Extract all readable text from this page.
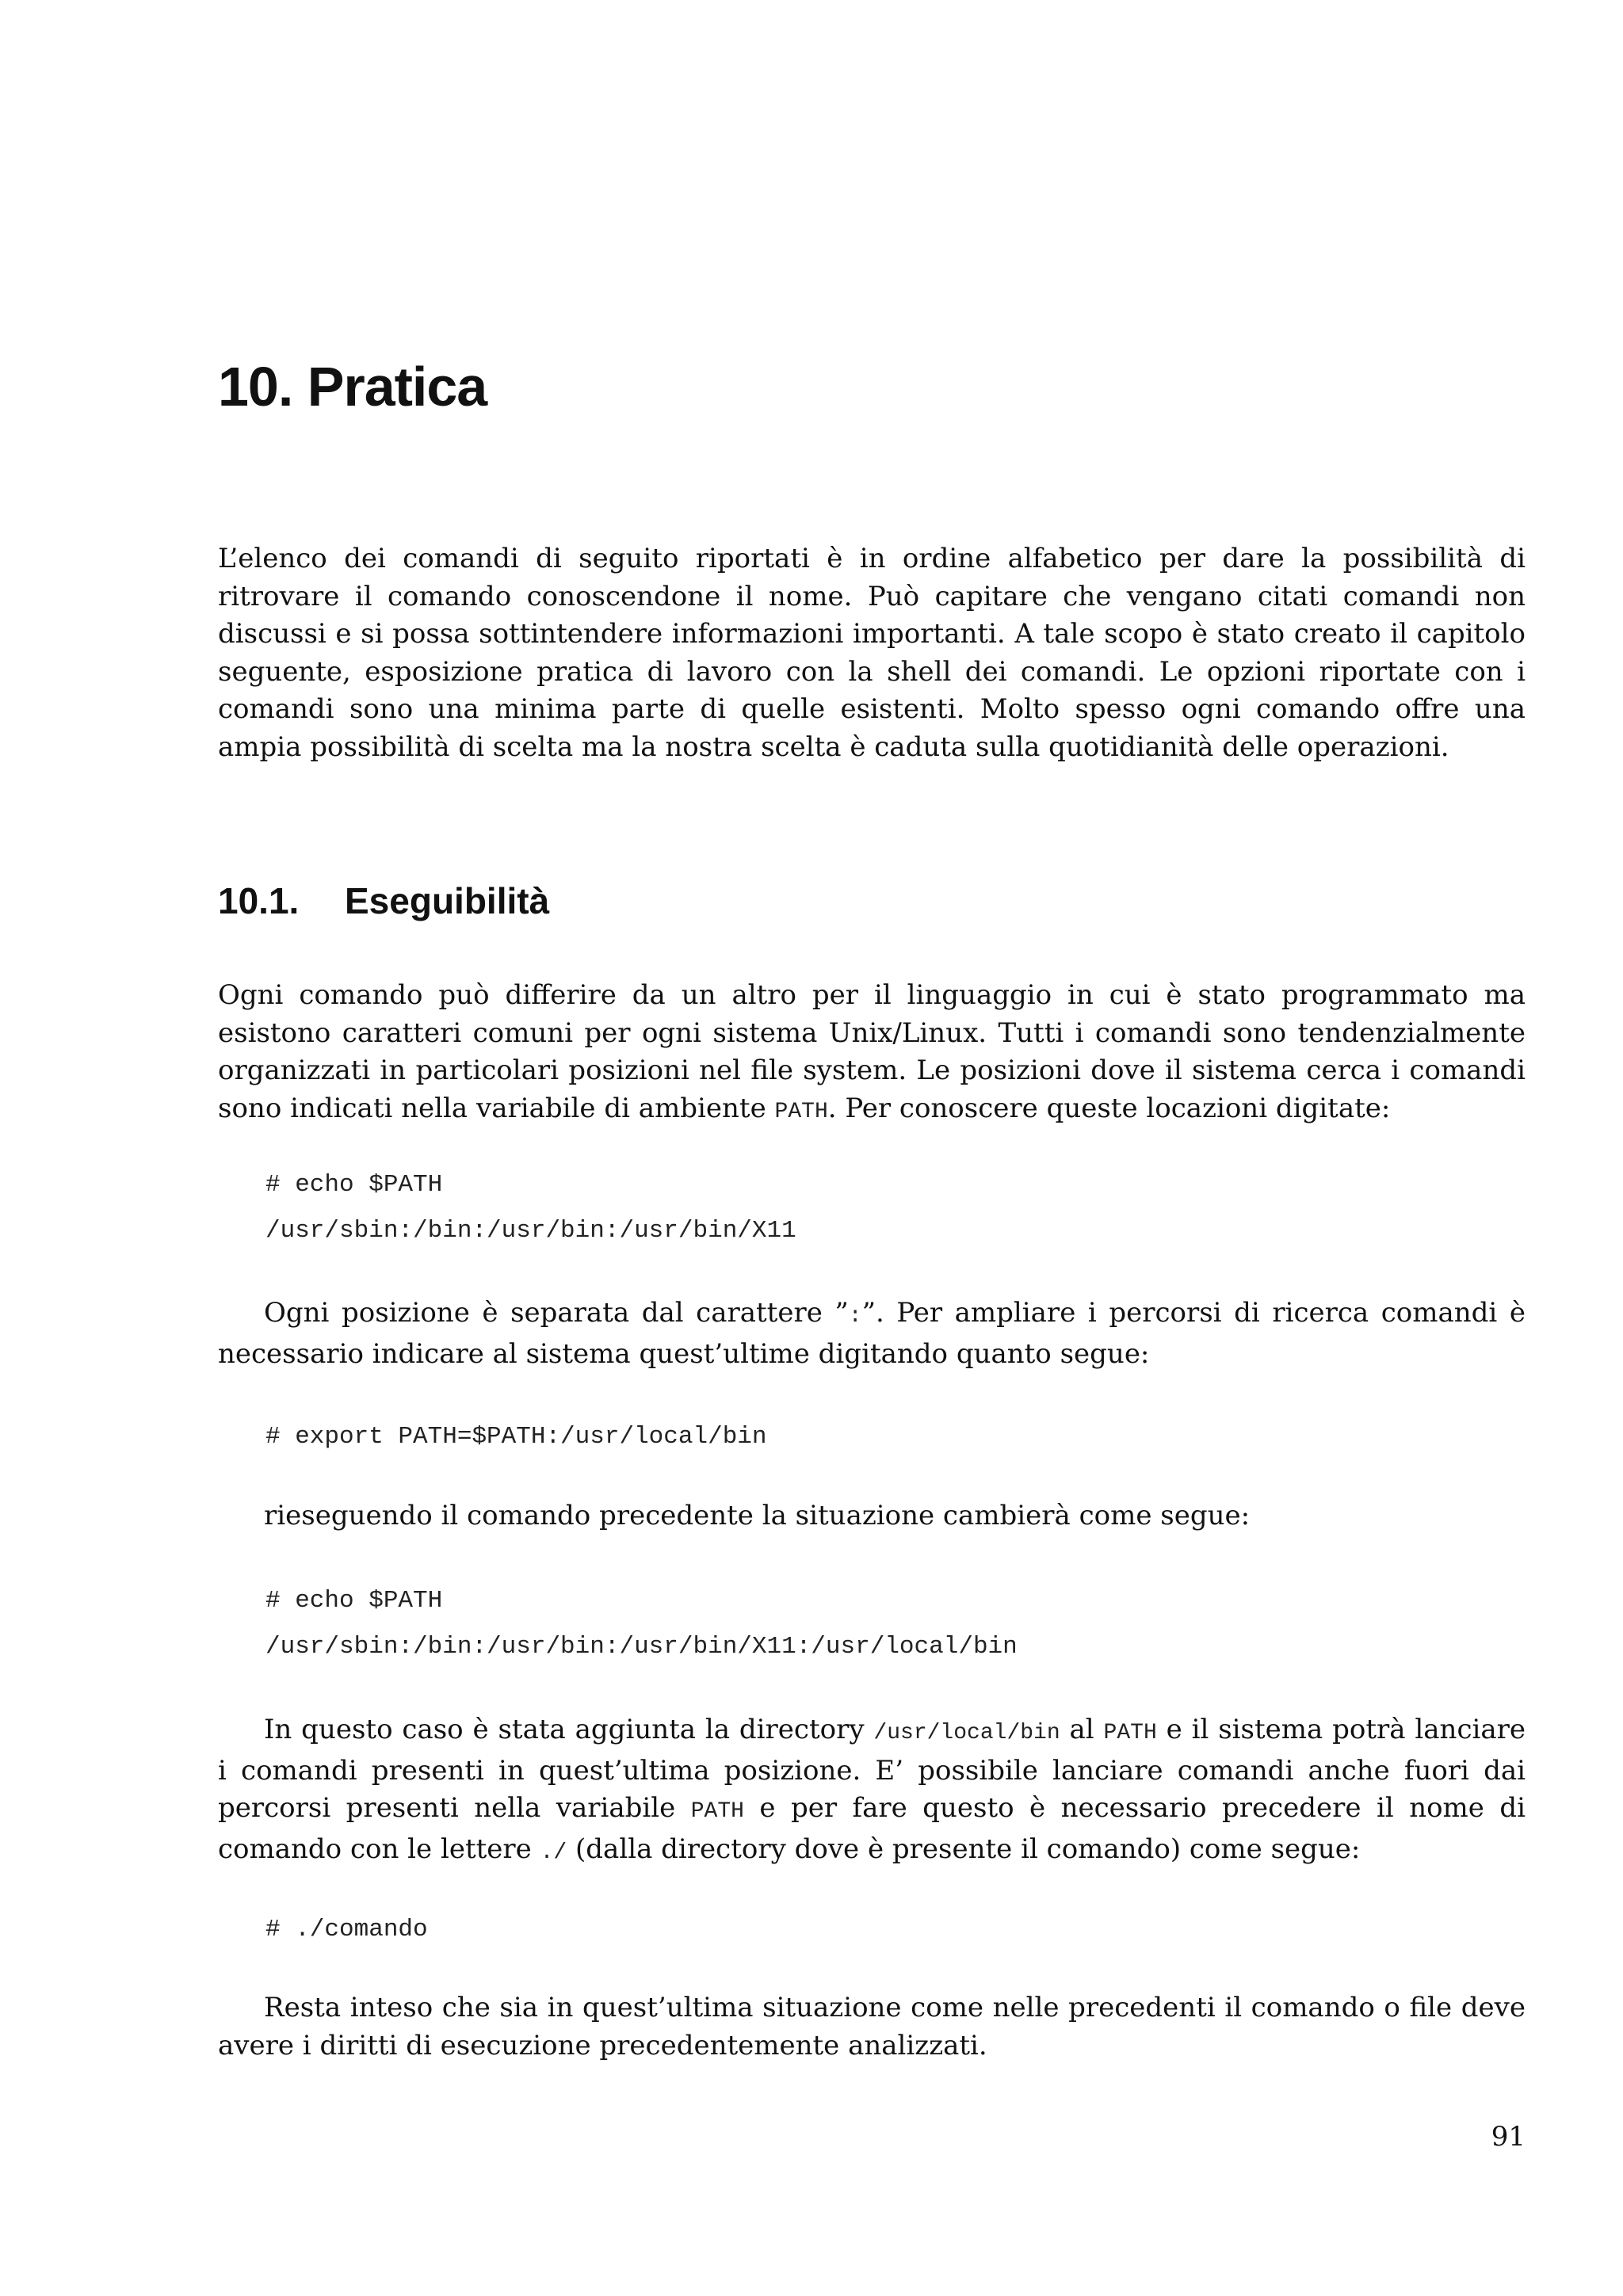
10. Pratica

L’elenco dei comandi di seguito riportati è in ordine alfabetico per dare la possibilità di ritrovare il comando conoscendone il nome. Può capitare che vengano citati comandi non discussi e si possa sottintendere informazioni importanti. A tale scopo è stato creato il capitolo seguente, esposizione pratica di lavoro con la shell dei comandi. Le opzioni riportate con i comandi sono una minima parte di quelle esistenti. Molto spesso ogni comando offre una ampia possibilità di scelta ma la nostra scelta è caduta sulla quotidianità delle operazioni.

10.1. Eseguibilità

Ogni comando può differire da un altro per il linguaggio in cui è stato programmato ma esistono caratteri comuni per ogni sistema Unix/Linux. Tutti i comandi sono tendenzialmente organizzati in particolari posizioni nel file system. Le posizioni dove il sistema cerca i comandi sono indicati nella variabile di ambiente PATH. Per conoscere queste locazioni digitate:

# echo $PATH
/usr/sbin:/bin:/usr/bin:/usr/bin/X11

Ogni posizione è separata dal carattere ”:”. Per ampliare i percorsi di ricerca comandi è necessario indicare al sistema quest’ultime digitando quanto segue:

# export PATH=$PATH:/usr/local/bin

rieseguendo il comando precedente la situazione cambierà come segue:

# echo $PATH
/usr/sbin:/bin:/usr/bin:/usr/bin/X11:/usr/local/bin

In questo caso è stata aggiunta la directory /usr/local/bin al PATH e il sistema potrà lanciare i comandi presenti in quest’ultima posizione. E’ possibile lanciare comandi anche fuori dai percorsi presenti nella variabile PATH e per fare questo è necessario precedere il nome di comando con le lettere ./ (dalla directory dove è presente il comando) come segue:

# ./comando

Resta inteso che sia in quest’ultima situazione come nelle precedenti il comando o file deve avere i diritti di esecuzione precedentemente analizzati.

91
